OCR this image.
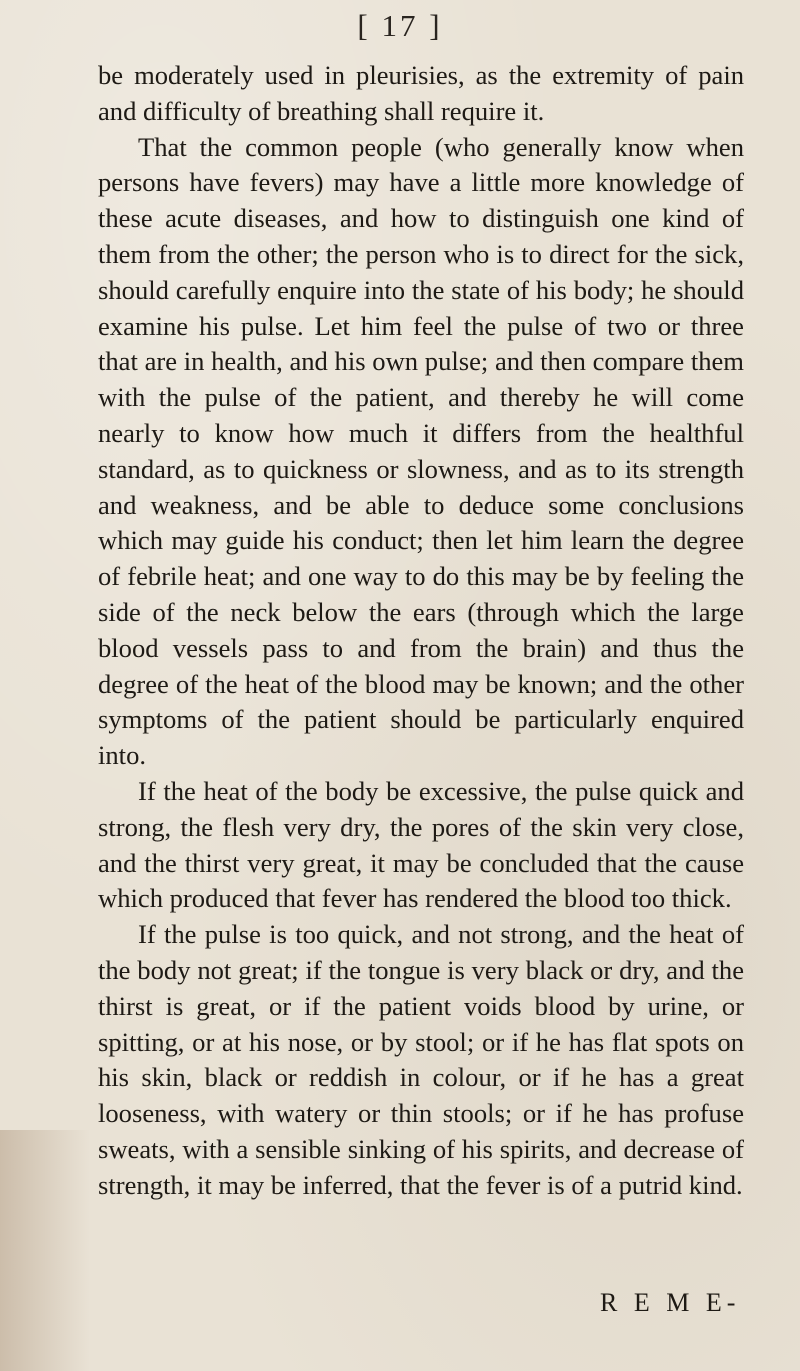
[ 17 ]

be moderately used in pleurisies, as the extremity of pain and difficulty of breathing shall require it.

That the common people (who generally know when persons have fevers) may have a little more knowledge of these acute diseases, and how to distinguish one kind of them from the other; the person who is to direct for the sick, should carefully enquire into the state of his body; he should examine his pulse. Let him feel the pulse of two or three that are in health, and his own pulse; and then compare them with the pulse of the patient, and thereby he will come nearly to know how much it differs from the healthful standard, as to quickness or slowness, and as to its strength and weakness, and be able to deduce some conclusions which may guide his conduct; then let him learn the degree of febrile heat; and one way to do this may be by feeling the side of the neck below the ears (through which the large blood vessels pass to and from the brain) and thus the degree of the heat of the blood may be known; and the other symptoms of the patient should be particularly enquired into.

If the heat of the body be excessive, the pulse quick and strong, the flesh very dry, the pores of the skin very close, and the thirst very great, it may be concluded that the cause which produced that fever has rendered the blood too thick.

If the pulse is too quick, and not strong, and the heat of the body not great; if the tongue is very black or dry, and the thirst is great, or if the patient voids blood by urine, or spitting, or at his nose, or by stool; or if he has flat spots on his skin, black or reddish in colour, or if he has a great looseness, with watery or thin stools; or if he has profuse sweats, with a sensible sinking of his spirits, and decrease of strength, it may be inferred, that the fever is of a putrid kind.

R E M E-
